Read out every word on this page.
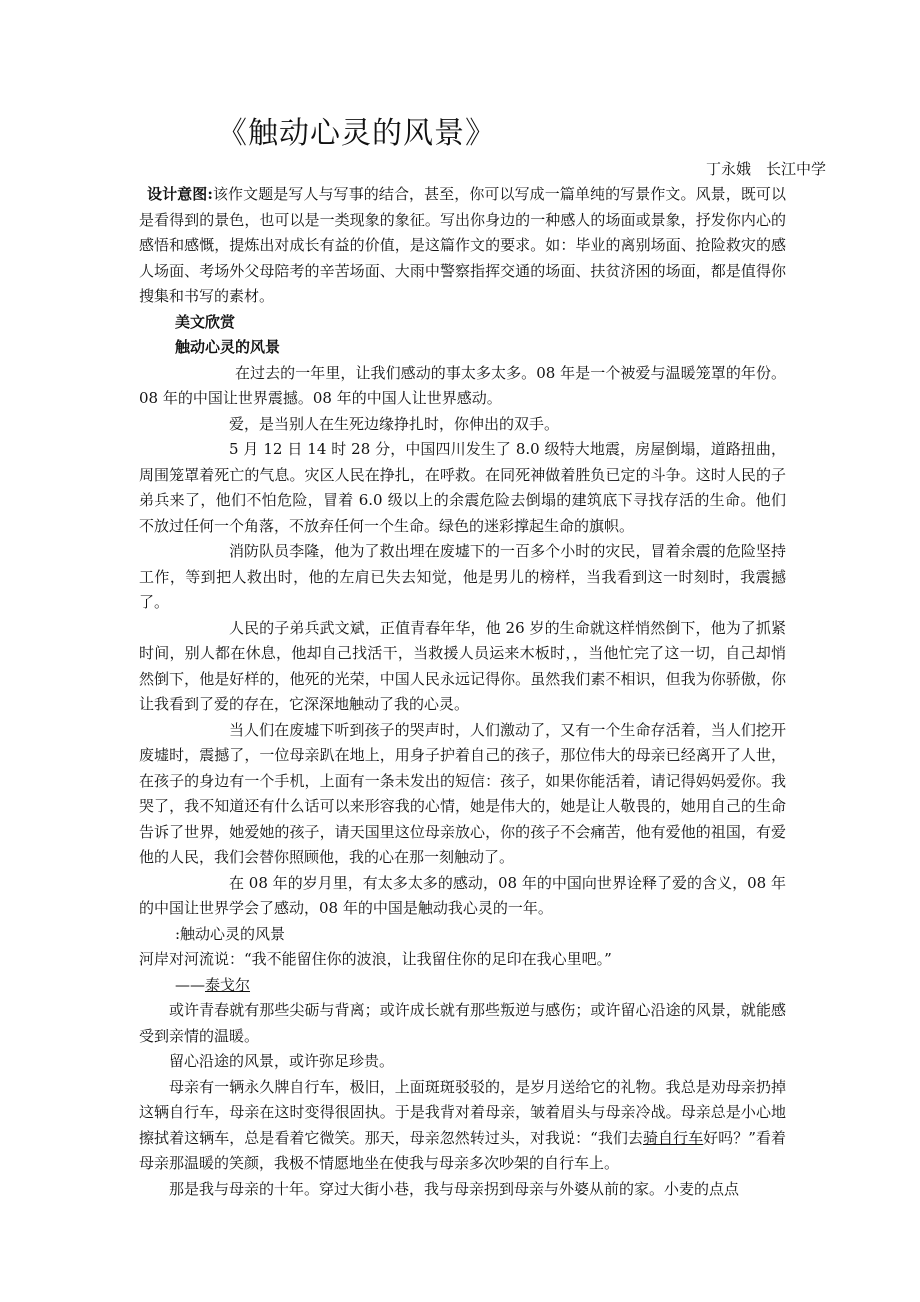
《触动心灵的风景》
丁永娥　长江中学

设计意图:该作文题是写人与写事的结合，甚至，你可以写成一篇单纯的写景作文。风景，既可以是看得到的景色，也可以是一类现象的象征。写出你身边的一种感人的场面或景象，抒发你内心的感悟和感慨，提炼出对成长有益的价值，是这篇作文的要求。如：毕业的离别场面、抢险救灾的感人场面、考场外父母陪考的辛苦场面、大雨中警察指挥交通的场面、扶贫济困的场面，都是值得你搜集和书写的素材。

美文欣赏

触动心灵的风景

在过去的一年里，让我们感动的事太多太多。08 年是一个被爱与温暖笼罩的年份。08 年的中国让世界震撼。08 年的中国人让世界感动。

爱，是当别人在生死边缘挣扎时，你伸出的双手。

5 月 12 日 14 时 28 分，中国四川发生了 8.0 级特大地震，房屋倒塌，道路扭曲，周围笼罩着死亡的气息。灾区人民在挣扎，在呼救。在同死神做着胜负已定的斗争。这时人民的子弟兵来了，他们不怕危险，冒着 6.0 级以上的余震危险去倒塌的建筑底下寻找存活的生命。他们不放过任何一个角落，不放弃任何一个生命。绿色的迷彩撑起生命的旗帜。

消防队员李隆，他为了救出埋在废墟下的一百多个小时的灾民，冒着余震的危险坚持工作，等到把人救出时，他的左肩已失去知觉，他是男儿的榜样，当我看到这一时刻时，我震撼了。

人民的子弟兵武文斌，正值青春年华，他 26 岁的生命就这样悄然倒下，他为了抓紧时间，别人都在休息，他却自己找活干，当救援人员运来木板时，，当他忙完了这一切，自己却悄然倒下，他是好样的，他死的光荣，中国人民永远记得你。虽然我们素不相识，但我为你骄傲，你让我看到了爱的存在，它深深地触动了我的心灵。

当人们在废墟下听到孩子的哭声时，人们激动了，又有一个生命存活着，当人们挖开废墟时，震撼了，一位母亲趴在地上，用身子护着自己的孩子，那位伟大的母亲已经离开了人世，在孩子的身边有一个手机，上面有一条未发出的短信：孩子，如果你能活着，请记得妈妈爱你。我哭了，我不知道还有什么话可以来形容我的心情，她是伟大的，她是让人敬畏的，她用自己的生命告诉了世界，她爱她的孩子，请天国里这位母亲放心，你的孩子不会痛苦，他有爱他的祖国，有爱他的人民，我们会替你照顾他，我的心在那一刻触动了。

在 08 年的岁月里，有太多太多的感动，08 年的中国向世界诠释了爱的含义，08 年的中国让世界学会了感动，08 年的中国是触动我心灵的一年。

:触动心灵的风景

河岸对河流说：“我不能留住你的波浪，让我留住你的足印在我心里吧。”

——泰戈尔

或许青春就有那些尖砺与背离；或许成长就有那些叛逆与感伤；或许留心沿途的风景，就能感受到亲情的温暖。

留心沿途的风景，或许弥足珍贵。

母亲有一辆永久牌自行车，极旧，上面斑斑驳驳的，是岁月送给它的礼物。我总是劝母亲扔掉这辆自行车，母亲在这时变得很固执。于是我背对着母亲，皱着眉头与母亲冷战。母亲总是小心地擦拭着这辆车，总是看着它微笑。那天，母亲忽然转过头，对我说：“我们去骑自行车好吗？”看着母亲那温暖的笑颜，我极不情愿地坐在使我与母亲多次吵架的自行车上。

那是我与母亲的十年。穿过大街小巷，我与母亲拐到母亲与外婆从前的家。小麦的点点
